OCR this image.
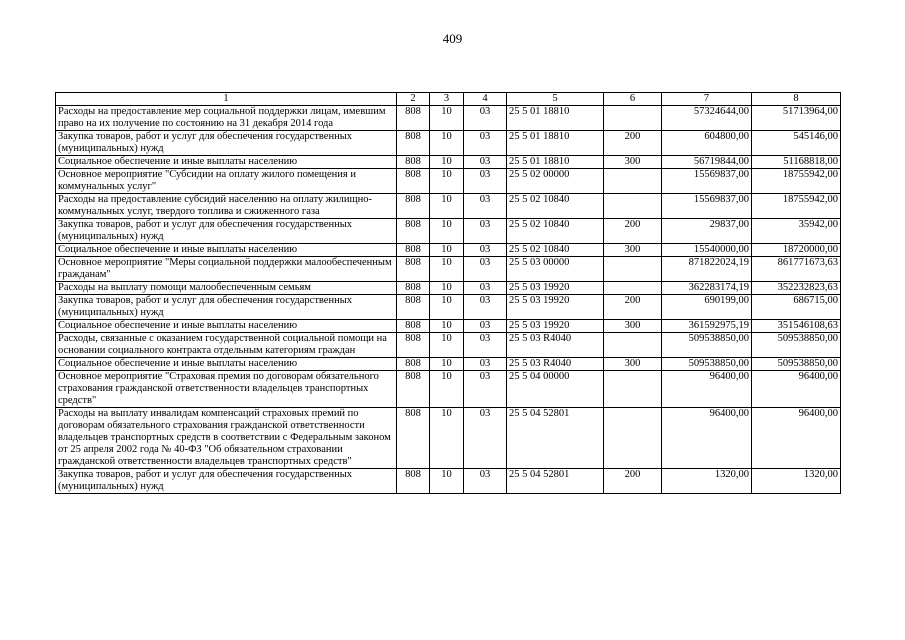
409
1	2	3	4	5	6	7	8
Расходы на предоставление мер социальной поддержки лицам, имевшим право на их получение по состоянию на 31 декабря 2014 года	808	10	03	25 5 01 18810		57324644,00	51713964,00
Закупка товаров, работ и услуг для обеспечения государственных (муниципальных) нужд	808	10	03	25 5 01 18810	200	604800,00	545146,00
Социальное обеспечение и иные выплаты населению	808	10	03	25 5 01 18810	300	56719844,00	51168818,00
Основное мероприятие "Субсидии на оплату жилого помещения и коммунальных услуг"	808	10	03	25 5 02 00000		15569837,00	18755942,00
Расходы на предоставление субсидий населению на оплату жилищно-коммунальных услуг, твердого топлива и сжиженного газа	808	10	03	25 5 02 10840		15569837,00	18755942,00
Закупка товаров, работ и услуг для обеспечения государственных (муниципальных) нужд	808	10	03	25 5 02 10840	200	29837,00	35942,00
Социальное обеспечение и иные выплаты населению	808	10	03	25 5 02 10840	300	15540000,00	18720000,00
Основное мероприятие "Меры социальной поддержки малообеспеченным гражданам"	808	10	03	25 5 03 00000		871822024,19	861771673,63
Расходы на выплату помощи малообеспеченным семьям	808	10	03	25 5 03 19920		362283174,19	352232823,63
Закупка товаров, работ и услуг для обеспечения государственных (муниципальных) нужд	808	10	03	25 5 03 19920	200	690199,00	686715,00
Социальное обеспечение и иные выплаты населению	808	10	03	25 5 03 19920	300	361592975,19	351546108,63
Расходы, связанные с оказанием государственной социальной помощи на основании социального контракта отдельным категориям граждан	808	10	03	25 5 03 R4040		509538850,00	509538850,00
Социальное обеспечение и иные выплаты населению	808	10	03	25 5 03 R4040	300	509538850,00	509538850,00
Основное мероприятие "Страховая премия по договорам обязательного страхования гражданской ответственности владельцев транспортных средств"	808	10	03	25 5 04 00000		96400,00	96400,00
Расходы на выплату инвалидам компенсаций страховых премий по договорам обязательного страхования гражданской ответственности владельцев транспортных средств в соответствии с Федеральным законом от 25 апреля 2002 года № 40-ФЗ "Об обязательном страховании гражданской ответственности владельцев транспортных средств"	808	10	03	25 5 04 52801		96400,00	96400,00
Закупка товаров, работ и услуг для обеспечения государственных (муниципальных) нужд	808	10	03	25 5 04 52801	200	1320,00	1320,00
